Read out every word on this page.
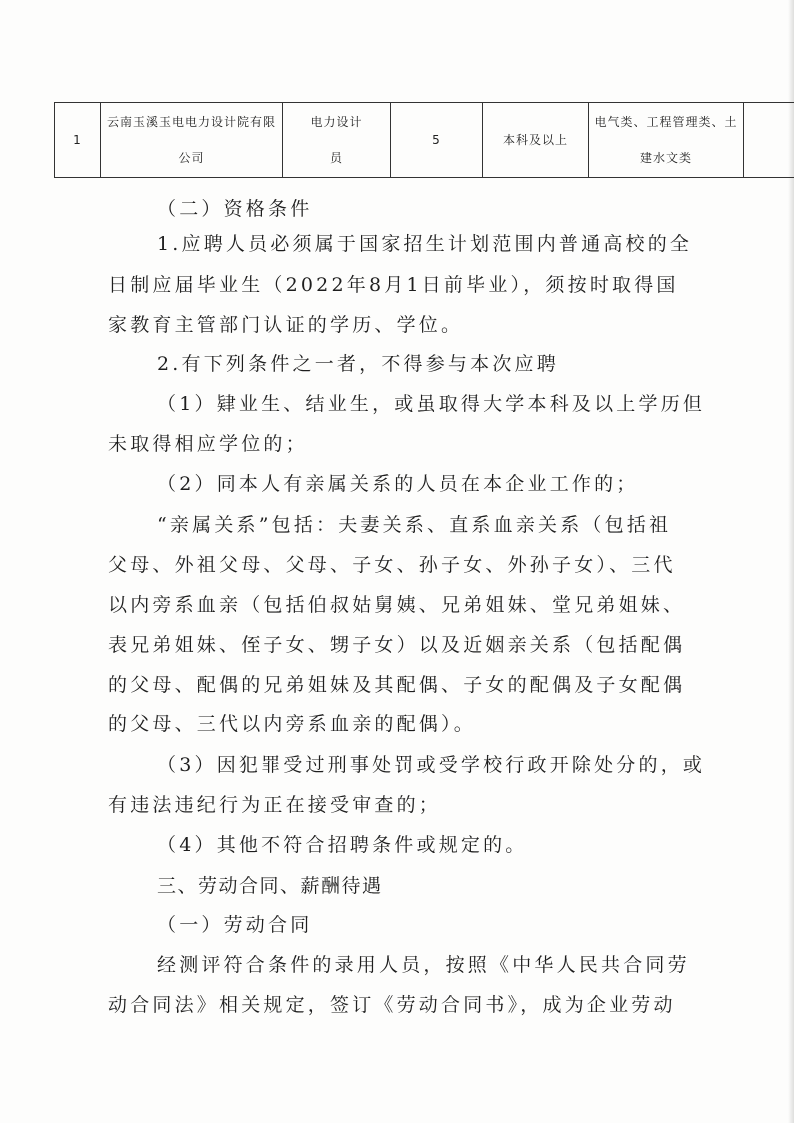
1	云南玉溪玉电电力设计院有限公司	电力设计员	5	本科及以上	电气类、工程管理类、土建水文类	
（二）资格条件
1.应聘人员必须属于国家招生计划范围内普通高校的全
日制应届毕业生（2022年8月1日前毕业），须按时取得国
家教育主管部门认证的学历、学位。
2.有下列条件之一者，不得参与本次应聘
（1）肄业生、结业生，或虽取得大学本科及以上学历但
未取得相应学位的；
（2）同本人有亲属关系的人员在本企业工作的；
“亲属关系”包括：夫妻关系、直系血亲关系（包括祖
父母、外祖父母、父母、子女、孙子女、外孙子女）、三代
以内旁系血亲（包括伯叔姑舅姨、兄弟姐妹、堂兄弟姐妹、
表兄弟姐妹、侄子女、甥子女）以及近姻亲关系（包括配偶
的父母、配偶的兄弟姐妹及其配偶、子女的配偶及子女配偶
的父母、三代以内旁系血亲的配偶）。
（3）因犯罪受过刑事处罚或受学校行政开除处分的，或
有违法违纪行为正在接受审查的；
（4）其他不符合招聘条件或规定的。
三、劳动合同、薪酬待遇
（一）劳动合同
经测评符合条件的录用人员，按照《中华人民共合同劳
动合同法》相关规定，签订《劳动合同书》，成为企业劳动
